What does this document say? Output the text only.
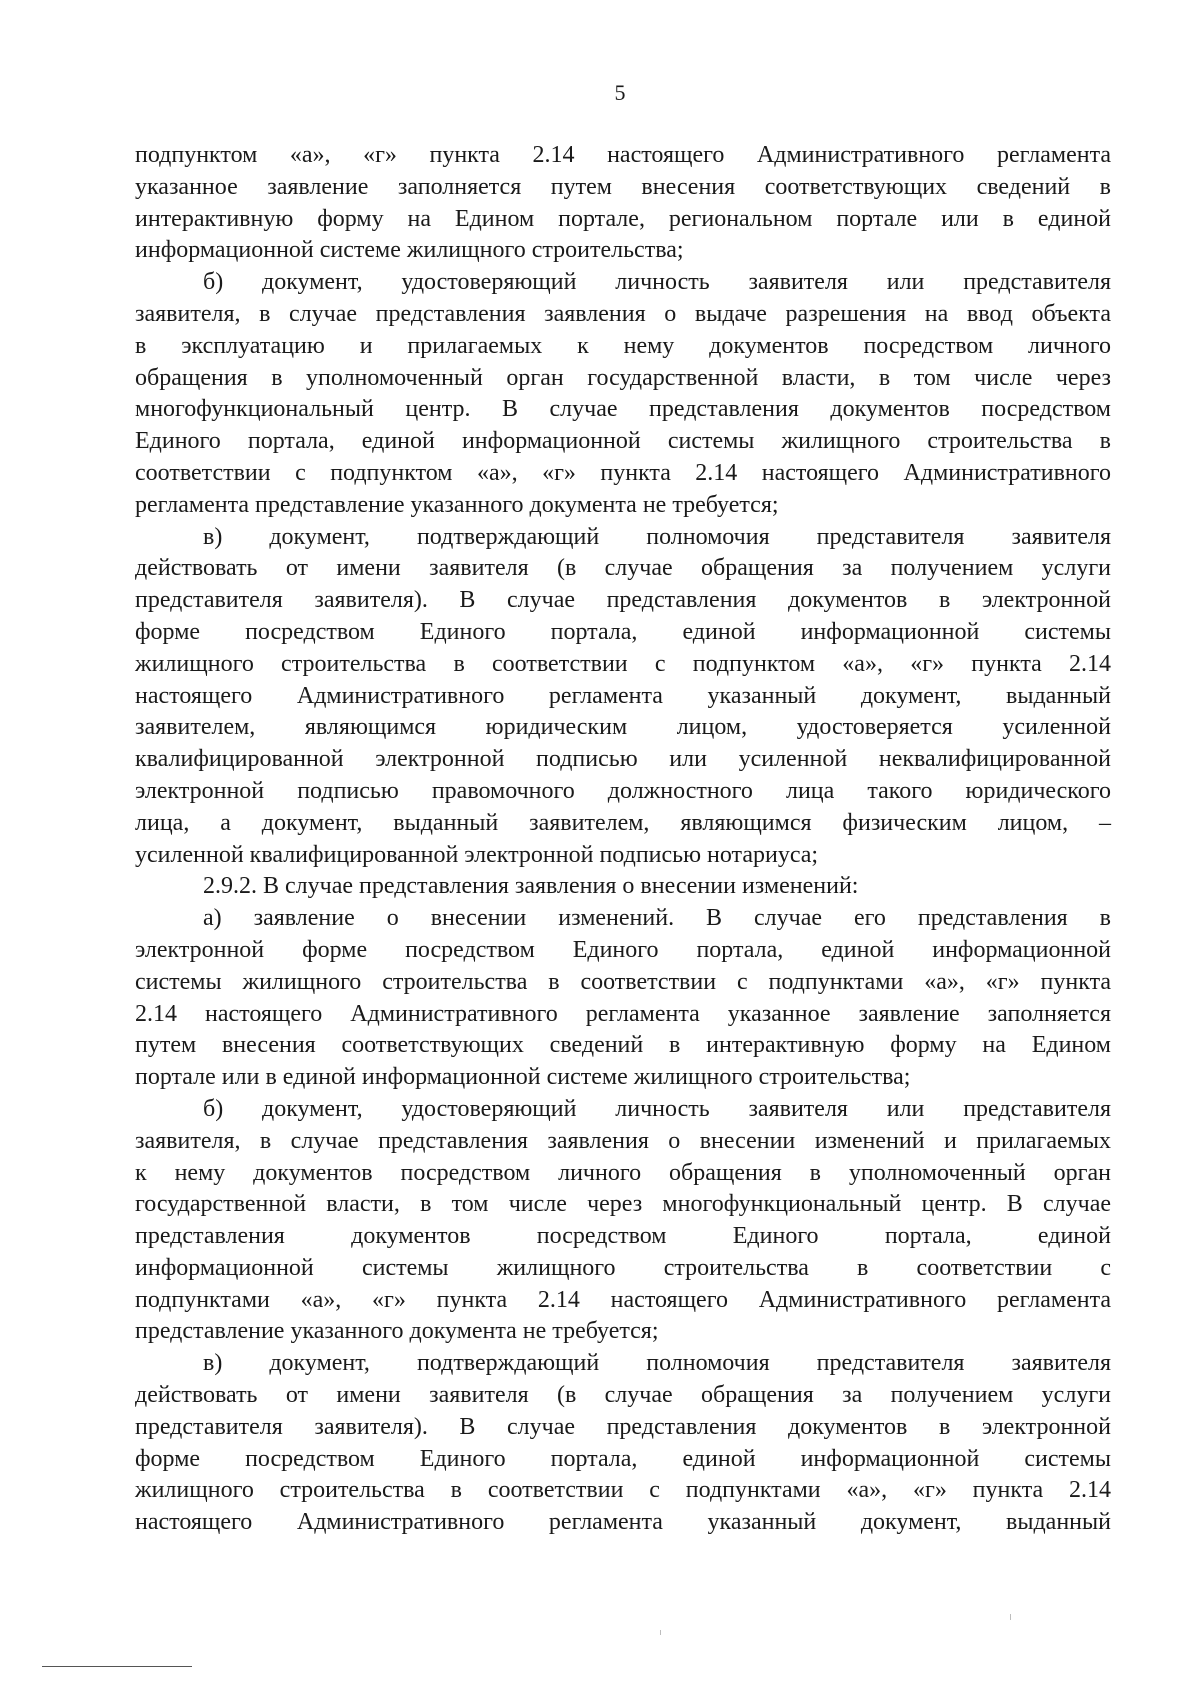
5
подпунктом «а», «г» пункта 2.14 настоящего Административного регламента
указанное заявление заполняется путем внесения соответствующих сведений в
интерактивную форму на Едином портале, региональном портале или в единой
информационной системе жилищного строительства;
б) документ, удостоверяющий личность заявителя или представителя
заявителя, в случае представления заявления о выдаче разрешения на ввод объекта
в эксплуатацию и прилагаемых к нему документов посредством личного
обращения в уполномоченный орган государственной власти, в том числе через
многофункциональный центр. В случае представления документов посредством
Единого портала, единой информационной системы жилищного строительства в
соответствии с подпунктом «а», «г» пункта 2.14 настоящего Административного
регламента представление указанного документа не требуется;
в) документ, подтверждающий полномочия представителя заявителя
действовать от имени заявителя (в случае обращения за получением услуги
представителя заявителя). В случае представления документов в электронной
форме посредством Единого портала, единой информационной системы
жилищного строительства в соответствии с подпунктом «а», «г» пункта 2.14
настоящего Административного регламента указанный документ, выданный
заявителем, являющимся юридическим лицом, удостоверяется усиленной
квалифицированной электронной подписью или усиленной неквалифицированной
электронной подписью правомочного должностного лица такого юридического
лица, а документ, выданный заявителем, являющимся физическим лицом, –
усиленной квалифицированной электронной подписью нотариуса;
2.9.2. В случае представления заявления о внесении изменений:
а) заявление о внесении изменений. В случае его представления в
электронной форме посредством Единого портала, единой информационной
системы жилищного строительства в соответствии с подпунктами «а», «г» пункта
2.14 настоящего Административного регламента указанное заявление заполняется
путем внесения соответствующих сведений в интерактивную форму на Едином
портале или в единой информационной системе жилищного строительства;
б) документ, удостоверяющий личность заявителя или представителя
заявителя, в случае представления заявления о внесении изменений и прилагаемых
к нему документов посредством личного обращения в уполномоченный орган
государственной власти, в том числе через многофункциональный центр. В случае
представления документов посредством Единого портала, единой
информационной системы жилищного строительства в соответствии с
подпунктами «а», «г» пункта 2.14 настоящего Административного регламента
представление указанного документа не требуется;
в) документ, подтверждающий полномочия представителя заявителя
действовать от имени заявителя (в случае обращения за получением услуги
представителя заявителя). В случае представления документов в электронной
форме посредством Единого портала, единой информационной системы
жилищного строительства в соответствии с подпунктами «а», «г» пункта 2.14
настоящего Административного регламента указанный документ, выданный
